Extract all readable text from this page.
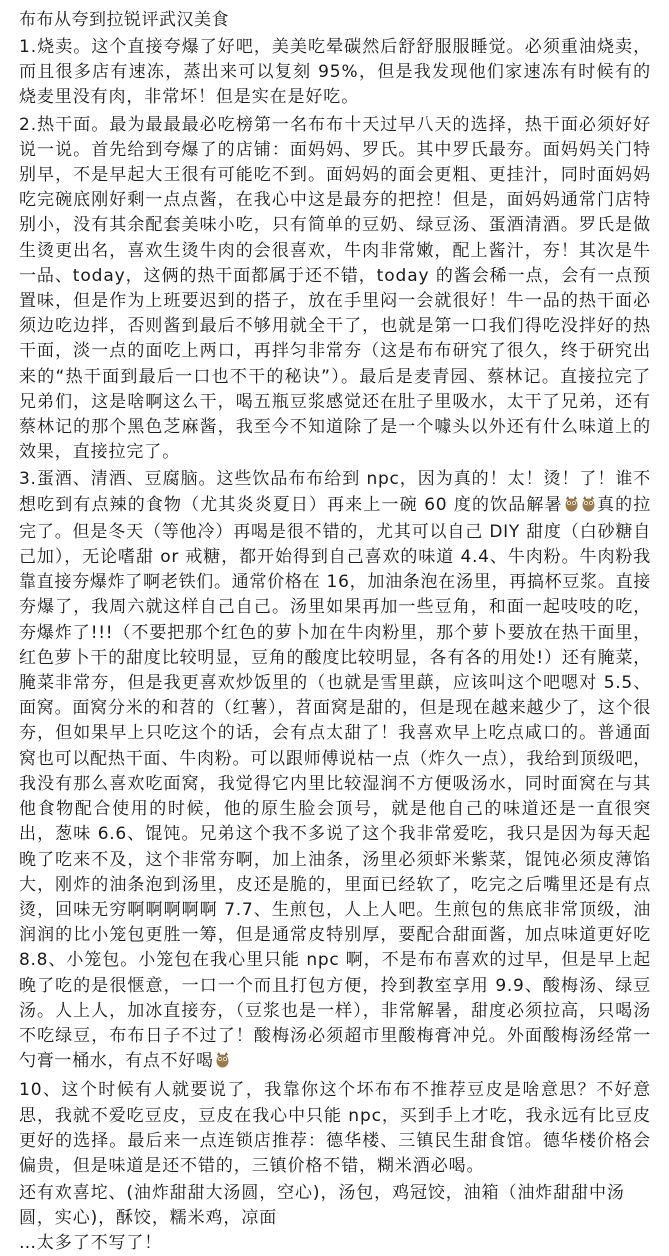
布布从夸到拉锐评武汉美食

1.烧卖。这个直接夸爆了好吧，美美吃晕碳然后舒舒服服睡觉。必须重油烧卖，而且很多店有速冻，蒸出来可以复刻 95%，但是我发现他们家速冻有时候有的烧麦里没有肉，非常坏！但是实在是好吃。

2.热干面。最为最最最必吃榜第一名布布十天过早八天的选择，热干面必须好好说一说。首先给到夸爆了的店铺：面妈妈、罗氏。其中罗氏最夯。面妈妈关门特别早，不是早起大王很有可能吃不到。面妈妈的面会更粗、更挂汁，同时面妈妈吃完碗底刚好剩一点点酱，在我心中这是最夯的把控！但是，面妈妈通常门店特别小，没有其余配套美味小吃，只有简单的豆奶、绿豆汤、蛋酒清酒。罗氏是做生烫更出名，喜欢生烫牛肉的会很喜欢，牛肉非常嫩，配上酱汁，夯！其次是牛一品、today，这俩的热干面都属于还不错，today 的酱会稀一点，会有一点预置味，但是作为上班要迟到的搭子，放在手里闷一会就很好！牛一品的热干面必须边吃边拌，否则酱到最后不够用就全干了，也就是第一口我们得吃没拌好的热干面，淡一点的面吃上两口，再拌匀非常夯（这是布布研究了很久，终于研究出来的“热干面到最后一口也不干的秘诀”）。最后是麦青园、蔡林记。直接拉完了兄弟们，这是啥啊这么干，喝五瓶豆浆感觉还在肚子里吸水，太干了兄弟，还有蔡林记的那个黑色芝麻酱，我至今不知道除了是一个噱头以外还有什么味道上的效果，直接拉完了。

3.蛋酒、清酒、豆腐脑。这些饮品布布给到 npc，因为真的！太！烫！了！谁不想吃到有点辣的食物（尤其炎炎夏日）再来上一碗 60 度的饮品解暑 真的拉完了。但是冬天（等他冷）再喝是很不错的，尤其可以自己 DIY 甜度（白砂糖自己加），无论嗜甜 or 戒糖，都开始得到自己喜欢的味道 4.4、牛肉粉。牛肉粉我靠直接夯爆炸了啊老铁们。通常价格在 16，加油条泡在汤里，再搞杯豆浆。直接夯爆了，我周六就这样自己自己。汤里如果再加一些豆角，和面一起吱吱的吃，夯爆炸了!!!（不要把那个红色的萝卜加在牛肉粉里，那个萝卜要放在热干面里，红色萝卜干的甜度比较明显，豆角的酸度比较明显，各有各的用处!）还有腌菜，腌菜非常夯，但是我更喜欢炒饭里的（也就是雪里蕻，应该叫这个吧嗯对 5.5、面窝。面窝分米的和苕的（红薯），苕面窝是甜的，但是现在越来越少了，这个很夯，但如果早上只吃这个的话，会有点太甜了！我喜欢早上吃点咸口的。普通面窝也可以配热干面、牛肉粉。可以跟师傅说枯一点（炸久一点），我给到顶级吧，我没有那么喜欢吃面窝，我觉得它内里比较湿润不方便吸汤水，同时面窝在与其他食物配合使用的时候，他的原生脸会顶号，就是他自己的味道还是一直很突出，葱味 6.6、馄饨。兄弟这个我不多说了这个我非常爱吃，我只是因为每天起晚了吃来不及，这个非常夯啊，加上油条，汤里必须虾米紫菜，馄饨必须皮薄馅大，刚炸的油条泡到汤里，皮还是脆的，里面已经软了，吃完之后嘴里还是有点烫，回味无穷啊啊啊啊啊 7.7、生煎包，人上人吧。生煎包的焦底非常顶级，油润润的比小笼包更胜一筹，但是通常皮特别厚，要配合甜面酱，加点味道更好吃 8.8、小笼包。小笼包在我心里只能 npc 啊，不是布布喜欢的过早，但是早上起晚了吃的是很惬意，一口一个而且打包方便，拎到教室享用 9.9、酸梅汤、绿豆汤。人上人，加冰直接夯，（豆浆也是一样），非常解暑，甜度必须拉高，只喝汤不吃绿豆，布布日子不过了！酸梅汤必须超市里酸梅膏冲兑。外面酸梅汤经常一勺膏一桶水，有点不好喝

10、这个时候有人就要说了，我靠你这个坏布布不推荐豆皮是啥意思？不好意思，我就不爱吃豆皮，豆皮在我心中只能 npc，买到手上才吃，我永远有比豆皮更好的选择。最后来一点连锁店推荐：德华楼、三镇民生甜食馆。德华楼价格会偏贵，但是味道是还不错的，三镇价格不错，糊米酒必喝。

还有欢喜坨、(油炸甜甜大汤圆，空心)，汤包，鸡冠饺，油箱（油炸甜甜中汤圆，实心)，酥饺，糯米鸡，凉面

…太多了不写了！
